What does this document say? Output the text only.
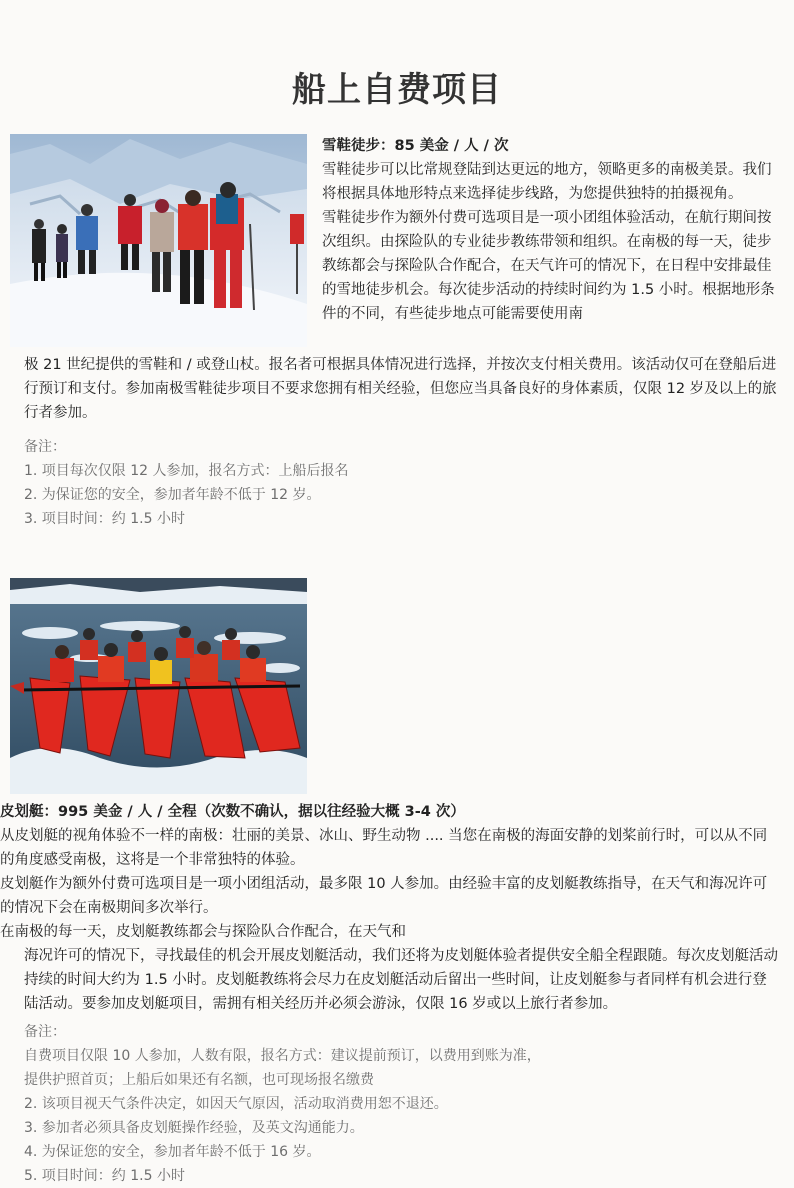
船上自费项目
雪鞋徒步：85 美金 / 人 / 次
雪鞋徒步可以比常规登陆到达更远的地方，领略更多的南极美景。我们将根据具体地形特点来选择徒步线路，为您提供独特的拍摄视角。
雪鞋徒步作为额外付费可选项目是一项小团组体验活动，在航行期间按次组织。由探险队的专业徒步教练带领和组织。在南极的每一天，徒步教练都会与探险队合作配合，在天气许可的情况下，在日程中安排最佳的雪地徒步机会。每次徒步活动的持续时间约为 1.5 小时。根据地形条件的不同，有些徒步地点可能需要使用南
极 21 世纪提供的雪鞋和 / 或登山杖。报名者可根据具体情况进行选择，并按次支付相关费用。该活动仅可在登船后进行预订和支付。参加南极雪鞋徒步项目不要求您拥有相关经验，但您应当具备良好的身体素质，仅限 12 岁及以上的旅行者参加。
备注：
1. 项目每次仅限 12 人参加，报名方式：上船后报名
2. 为保证您的安全，参加者年龄不低于 12 岁。
3. 项目时间：约 1.5 小时
皮划艇：995 美金 / 人 / 全程（次数不确认，据以往经验大概 3-4 次）
从皮划艇的视角体验不一样的南极：壮丽的美景、冰山、野生动物 .... 当您在南极的海面安静的划桨前行时，可以从不同的角度感受南极，这将是一个非常独特的体验。
皮划艇作为额外付费可选项目是一项小团组活动，最多限 10 人参加。由经验丰富的皮划艇教练指导，在天气和海况许可的情况下会在南极期间多次举行。
在南极的每一天，皮划艇教练都会与探险队合作配合，在天气和
海况许可的情况下，寻找最佳的机会开展皮划艇活动，我们还将为皮划艇体验者提供安全船全程跟随。每次皮划艇活动持续的时间大约为 1.5 小时。皮划艇教练将会尽力在皮划艇活动后留出一些时间，让皮划艇参与者同样有机会进行登陆活动。要参加皮划艇项目，需拥有相关经历并必须会游泳，仅限 16 岁或以上旅行者参加。
备注：
自费项目仅限 10 人参加，人数有限，报名方式：建议提前预订，以费用到账为准，
提供护照首页；上船后如果还有名额，也可现场报名缴费
2. 该项目视天气条件决定，如因天气原因，活动取消费用恕不退还。
3. 参加者必须具备皮划艇操作经验，及英文沟通能力。
4. 为保证您的安全，参加者年龄不低于 16 岁。
5. 项目时间：约 1.5 小时
